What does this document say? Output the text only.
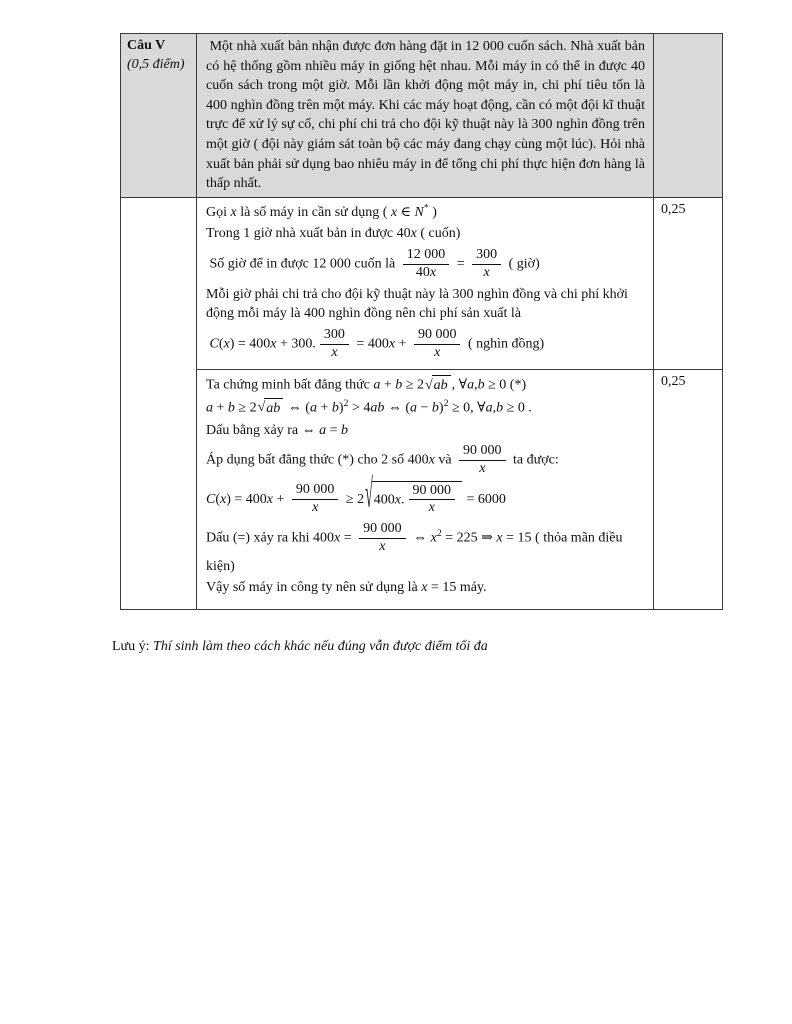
Câu V
(0,5 điểm)	Một nhà xuất bản nhận được đơn hàng đặt in 12 000 cuốn sách. Nhà xuất bản có hệ thống gồm nhiều máy in giống hệt nhau. Mỗi máy in có thể in được 40 cuốn sách trong một giờ. Mỗi lần khởi động một máy in, chi phí tiêu tốn là 400 nghìn đồng trên một máy. Khi các máy hoạt động, cần có một đội kĩ thuật trực để xử lý sự cố, chi phí chi trả cho đội kỹ thuật này là 300 nghìn đồng trên một giờ ( đội này giám sát toàn bộ các máy đang chạy cùng một lúc). Hỏi nhà xuất bản phải sử dụng bao nhiêu máy in để tổng chi phí thực hiện đơn hàng là thấp nhất.	

Gọi x là số máy in cần sử dụng ( x ∈ N* )
Trong 1 giờ nhà xuất bản in được 40x ( cuốn)
Số giờ để in được 12 000 cuốn là $\frac{12 000}{40x} = \frac{300}{x}$ ( giờ)
Mỗi giờ phải chi trả cho đội kỹ thuật này là 300 nghìn đồng và chi phí khởi động mỗi máy là 400 nghìn đồng nên chi phí sản xuất là
C(x) = 400x + 300. $\frac{300}{x} = 400x + \frac{90 000}{x}$ ( nghìn đồng)
	0,25

Ta chứng minh bất đẳng thức a + b ≥ 2 √ ab , ∀a,b ≥ 0 (*)
a + b ≥ 2 √ ab ⇔ $(a + b)^2 > 4ab$ ⇔ $(a - b)^2 \ge 0$, ∀a,b ≥ 0 .
Dấu bằng xảy ra ⇔ a = b
Áp dụng bất đẳng thức (*) cho 2 số 400x và $\frac{90 000}{x}$ ta được:
$C(x) = 400x + \frac{90 000}{x} \ge 2$ √ 400x. $\frac{90 000}{x} = 6000$
Dấu (=) xảy ra khi $400x = \frac{90 000}{x}$ ⇔ $x^2 = 225$ ⇒ x = 15 ( thỏa mãn điều kiện)
Vậy số máy in công ty nên sử dụng là x = 15 máy.
	0,25
Lưu ý: Thí sinh làm theo cách khác nếu đúng vẫn được điểm tối đa
